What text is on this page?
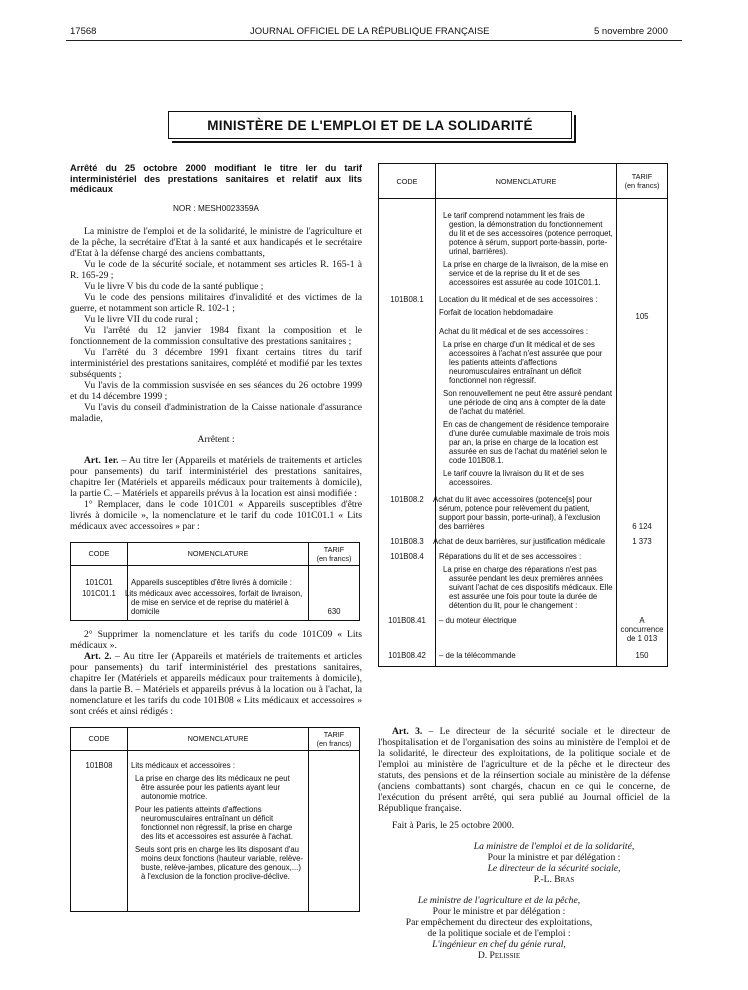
17568	JOURNAL OFFICIEL DE LA RÉPUBLIQUE FRANÇAISE	5 novembre 2000
MINISTÈRE DE L'EMPLOI ET DE LA SOLIDARITÉ
Arrêté du 25 octobre 2000 modifiant le titre Ier du tarif interministériel des prestations sanitaires et relatif aux lits médicaux
NOR : MESH0023359A

La ministre de l'emploi et de la solidarité, le ministre de l'agriculture et de la pêche, la secrétaire d'Etat à la santé et aux handicapés et le secrétaire d'Etat à la défense chargé des anciens combattants,

Vu le code de la sécurité sociale, et notamment ses articles R. 165-1 à R. 165-29 ;

Vu le livre V bis du code de la santé publique ;

Vu le code des pensions militaires d'invalidité et des victimes de la guerre, et notamment son article R. 102-1 ;

Vu le livre VII du code rural ;

Vu l'arrêté du 12 janvier 1984 fixant la composition et le fonctionnement de la commission consultative des prestations sanitaires ;

Vu l'arrêté du 3 décembre 1991 fixant certains titres du tarif interministériel des prestations sanitaires, complété et modifié par les textes subséquents ;

Vu l'avis de la commission susvisée en ses séances du 26 octobre 1999 et du 14 décembre 1999 ;

Vu l'avis du conseil d'administration de la Caisse nationale d'assurance maladie,

Arrêtent :

Art. 1er. – Au titre Ier (Appareils et matériels de traitements et articles pour pansements) du tarif interministériel des prestations sanitaires, chapitre Ier (Matériels et appareils médicaux pour traitements à domicile), la partie C. – Matériels et appareils prévus à la location est ainsi modifiée :

1° Remplacer, dans le code 101C01 « Appareils susceptibles d'être livrés à domicile », la nomenclature et le tarif du code 101C01.1 « Lits médicaux avec accessoires » par :

CODE	NOMENCLATURE	TARIF
(en francs)
101C01	Appareils susceptibles d'être livrés à domicile :	
101C01.1	Lits médicaux avec accessoires, forfait de livraison, de mise en service et de reprise du matériel à domicile	630

2° Supprimer la nomenclature et les tarifs du code 101C09 « Lits médicaux ».

Art. 2. – Au titre Ier (Appareils et matériels de traitements et articles pour pansements) du tarif interministériel des prestations sanitaires, chapitre Ier (Matériels et appareils médicaux pour traitements à domicile), dans la partie B. – Matériels et appareils prévus à la location ou à l'achat, la nomenclature et les tarifs du code 101B08 « Lits médicaux et accessoires » sont créés et ainsi rédigés :

CODE	NOMENCLATURE	TARIF
(en francs)
101B08	Lits médicaux et accessoires :
La prise en charge des lits médicaux ne peut être assurée pour les patients ayant leur autonomie motrice.
Pour les patients atteints d'affections neuromusculaires entraînant un déficit fonctionnel non régressif, la prise en charge des lits et accessoires est assurée à l'achat.
Seuls sont pris en charge les lits disposant d'au moins deux fonctions (hauteur variable, relève-buste, relève-jambes, plicature des genoux,...) à l'exclusion de la fonction proclive-déclive.	

CODE	NOMENCLATURE	TARIF
(en francs)

	Le tarif comprend notamment les frais de gestion, la démonstration du fonctionnement du lit et de ses accessoires (potence perroquet, potence à sérum, support porte-bassin, porte-urinal, barrières).
La prise en charge de la livraison, de la mise en service et de la reprise du lit et de ses accessoires est assurée au code 101C01.1.	

101B08.1	Location du lit médical et de ses accessoires :	

	Forfait de location hebdomadaire	105

	Achat du lit médical et de ses accessoires :
La prise en charge d'un lit médical et de ses accessoires à l'achat n'est assurée que pour les patients atteints d'affections neuromusculaires entraînant un déficit fonctionnel non régressif.
Son renouvellement ne peut être assuré pendant une période de cinq ans à compter de la date de l'achat du matériel.
En cas de changement de résidence temporaire d'une durée cumulable maximale de trois mois par an, la prise en charge de la location est assurée en sus de l'achat du matériel selon le code 101B08.1.
Le tarif couvre la livraison du lit et de ses accessoires.	

101B08.2	Achat du lit avec accessoires (potence[s] pour sérum, potence pour relèvement du patient, support pour bassin, porte-urinal), à l'exclusion des barrières	6 124
101B08.3	Achat de deux barrières, sur justification médicale	1 373
101B08.4	Réparations du lit et de ses accessoires :
La prise en charge des réparations n'est pas assurée pendant les deux premières années suivant l'achat de ces dispositifs médicaux. Elle est assurée une fois pour toute la durée de détention du lit, pour le changement :	

101B08.41	– du moteur électrique	A concurrence de 1 013
101B08.42	– de la télécommande	150

Art. 3. – Le directeur de la sécurité sociale et le directeur de l'hospitalisation et de l'organisation des soins au ministère de l'emploi et de la solidarité, le directeur des exploitations, de la politique sociale et de l'emploi au ministère de l'agriculture et de la pêche et le directeur des statuts, des pensions et de la réinsertion sociale au ministère de la défense (anciens combattants) sont chargés, chacun en ce qui le concerne, de l'exécution du présent arrêté, qui sera publié au Journal officiel de la République française.

Fait à Paris, le 25 octobre 2000.

La ministre de l'emploi et de la solidarité,
Pour la ministre et par délégation :
Le directeur de la sécurité sociale,
P.-L. Bras
Le ministre de l'agriculture et de la pêche,
Pour le ministre et par délégation :
Par empêchement du directeur des exploitations,
de la politique sociale et de l'emploi :
L'ingénieur en chef du génie rural,
D. Pelissie
